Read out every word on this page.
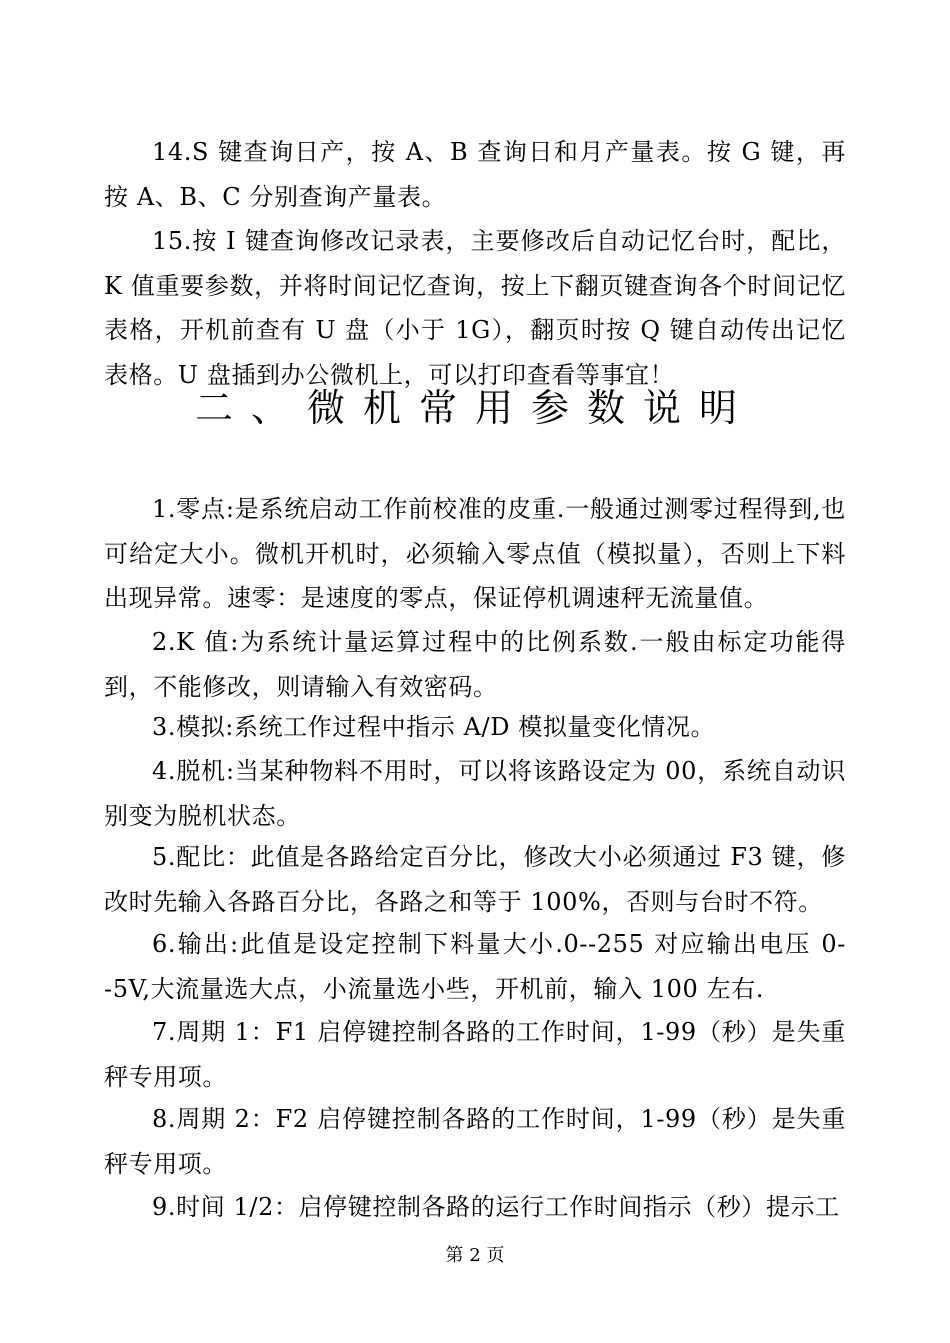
14.S 键查询日产，按 A、B 查询日和月产量表。按 G 键，再按 A、B、C 分别查询产量表。

15.按 I 键查询修改记录表，主要修改后自动记忆台时，配比，K 值重要参数，并将时间记忆查询，按上下翻页键查询各个时间记忆表格，开机前查有 U 盘（小于 1G），翻页时按 Q 键自动传出记忆表格。U 盘插到办公微机上，可以打印查看等事宜！

二、微机常用参数说明

1.零点:是系统启动工作前校准的皮重.一般通过测零过程得到,也可给定大小。微机开机时，必须输入零点值（模拟量），否则上下料出现异常。速零：是速度的零点，保证停机调速秤无流量值。

2.K 值:为系统计量运算过程中的比例系数.一般由标定功能得到，不能修改，则请输入有效密码。

3.模拟:系统工作过程中指示 A/D 模拟量变化情况。

4.脱机:当某种物料不用时，可以将该路设定为 00，系统自动识别变为脱机状态。

5.配比：此值是各路给定百分比，修改大小必须通过 F3 键，修改时先输入各路百分比，各路之和等于 100%，否则与台时不符。

6.输出:此值是设定控制下料量大小.0--255 对应输出电压 0--5V,大流量选大点，小流量选小些，开机前，输入 100 左右.

7.周期 1：F1 启停键控制各路的工作时间，1-99（秒）是失重秤专用项。

8.周期 2：F2 启停键控制各路的工作时间，1-99（秒）是失重秤专用项。

9.时间 1/2：启停键控制各路的运行工作时间指示（秒）提示工

第 2 页
